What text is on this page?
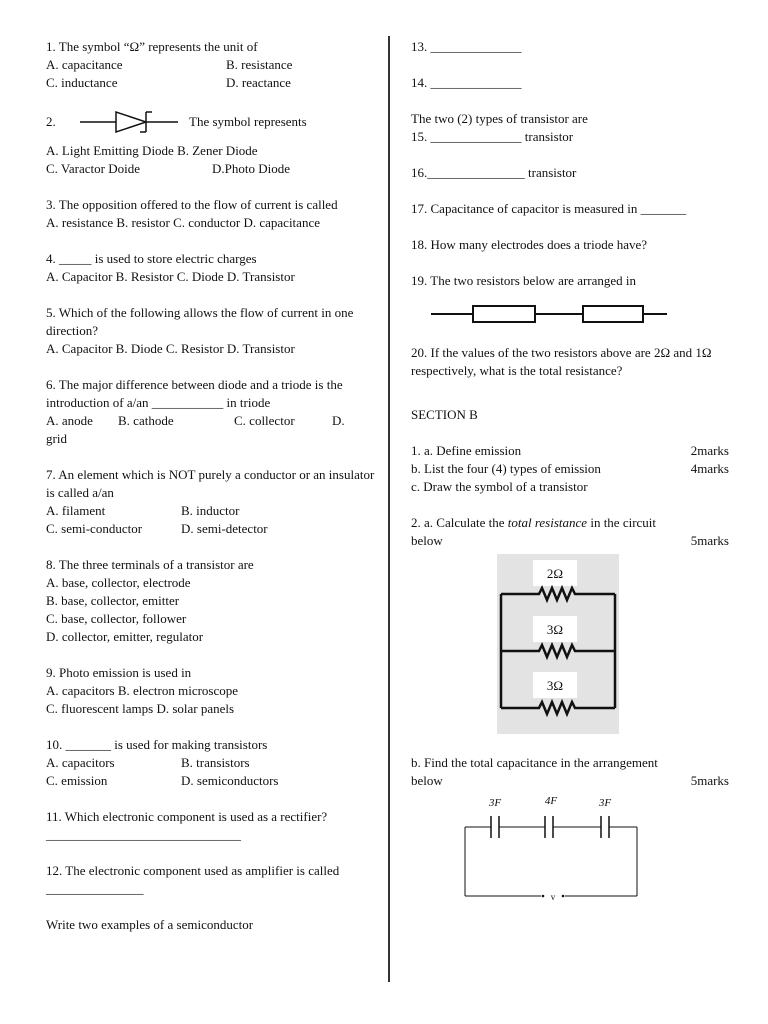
1. The symbol “Ω” represents the unit of
A. capacitance	B. resistance
C. inductance	D. reactance
2.	The symbol represents
A. Light Emitting Diode B. Zener Diode
C. Varactor Doide	D.Photo Diode
3. The opposition offered to the flow of current is called
A. resistance B. resistor C. conductor D. capacitance
4. _____ is used to store electric charges
A. Capacitor B. Resistor C. Diode D. Transistor
5. Which of the following allows the flow of current in one direction?
A. Capacitor B. Diode C. Resistor D. Transistor
6. The major difference between diode and a triode is the introduction of a/an ___________ in triode
A. anode	B. cathode	C. collector	D.
grid
7. An element which is NOT purely a conductor or an insulator is called a/an
A. filament	B. inductor
C. semi-conductor	D. semi-detector
8. The three terminals of a transistor are
A. base, collector, electrode
B. base, collector, emitter
C. base, collector, follower
D. collector, emitter, regulator
9. Photo emission is used in
A. capacitors B. electron microscope
C. fluorescent lamps D. solar panels
10. _______ is used for making transistors
A. capacitors	B. transistors
C. emission	D. semiconductors
11. Which electronic component is used as a rectifier? ______________________________
12. The electronic component used as amplifier is called _______________
Write two examples of a semiconductor
13. ______________
14. ______________
The two (2) types of transistor are
15. ______________ transistor
16._______________ transistor
17. Capacitance of capacitor is measured in _______
18. How many electrodes does a triode have?
19. The two resistors below are arranged in
20. If the values of the two resistors above are 2Ω and 1Ω respectively, what is the total resistance?
SECTION B
1. a. Define emission	2marks
b. List the four (4) types of emission	4marks
c. Draw the symbol of a transistor
2. a. Calculate the total resistance in the circuit
below	5marks
2Ω
3Ω
3Ω
b. Find the total capacitance in the arrangement
below	5marks
3F	4F	3F
v
